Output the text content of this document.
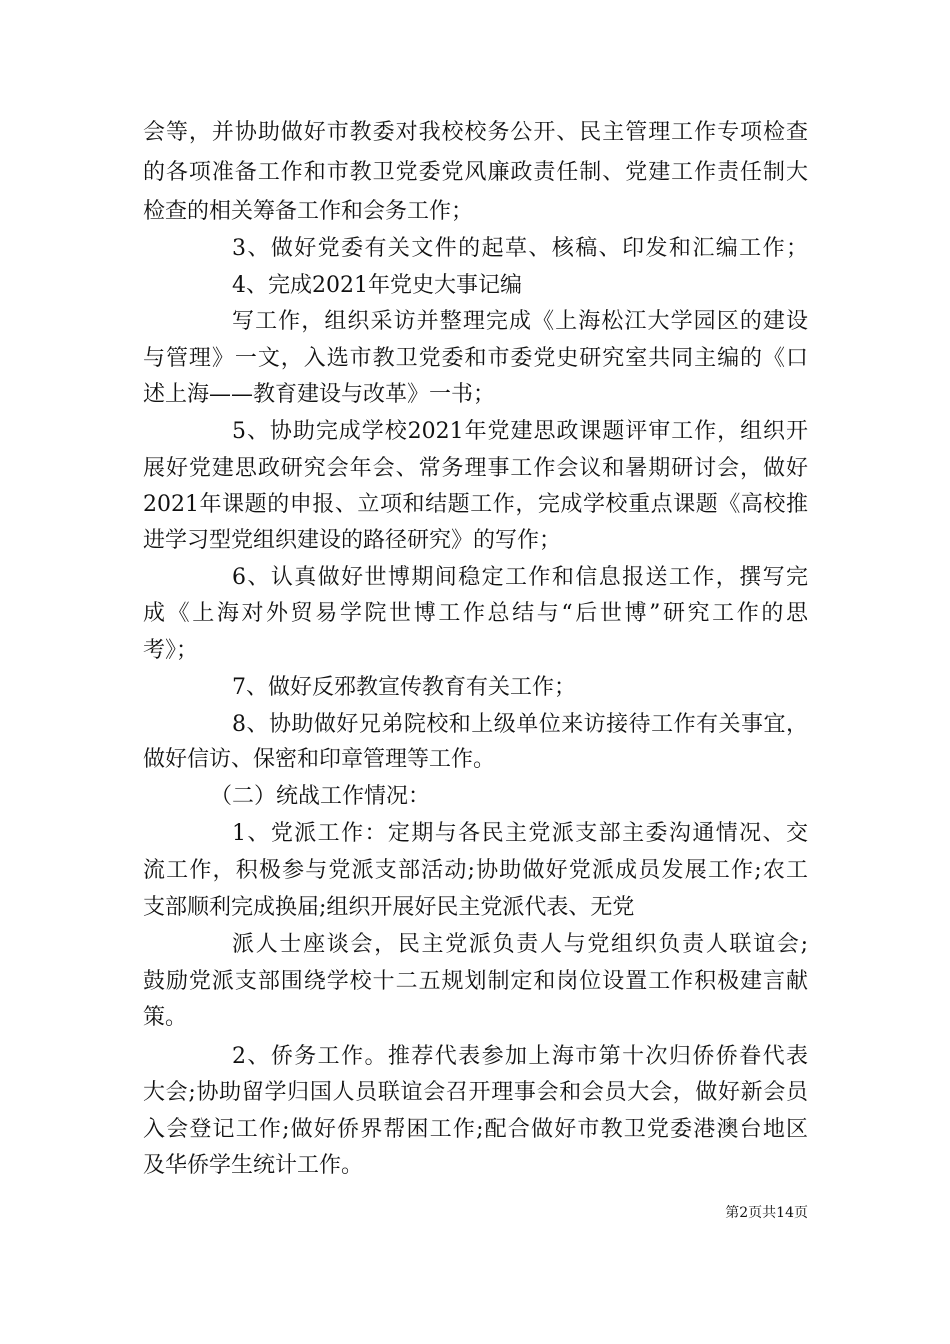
会等，并协助做好市教委对我校校务公开、民主管理工作专项检查
的各项准备工作和市教卫党委党风廉政责任制、党建工作责任制大
检查的相关筹备工作和会务工作；
3、做好党委有关文件的起草、核稿、印发和汇编工作；
4、完成2021年党史大事记编
写工作，组织采访并整理完成《上海松江大学园区的建设
与管理》一文，入选市教卫党委和市委党史研究室共同主编的《口
述上海——教育建设与改革》一书；
5、协助完成学校2021年党建思政课题评审工作，组织开
展好党建思政研究会年会、常务理事工作会议和暑期研讨会，做好
2021年课题的申报、立项和结题工作，完成学校重点课题《高校推
进学习型党组织建设的路径研究》的写作；
6、认真做好世博期间稳定工作和信息报送工作，撰写完
成《上海对外贸易学院世博工作总结与“后世博”研究工作的思
考》；
7、做好反邪教宣传教育有关工作；
8、协助做好兄弟院校和上级单位来访接待工作有关事宜，
做好信访、保密和印章管理等工作。
（二）统战工作情况：
1、党派工作：定期与各民主党派支部主委沟通情况、交
流工作，积极参与党派支部活动;协助做好党派成员发展工作;农工
支部顺利完成换届;组织开展好民主党派代表、无党
派人士座谈会，民主党派负责人与党组织负责人联谊会;
鼓励党派支部围绕学校十二五规划制定和岗位设置工作积极建言献
策。
2、侨务工作。推荐代表参加上海市第十次归侨侨眷代表
大会;协助留学归国人员联谊会召开理事会和会员大会，做好新会员
入会登记工作;做好侨界帮困工作;配合做好市教卫党委港澳台地区
及华侨学生统计工作。
第2页共14页
